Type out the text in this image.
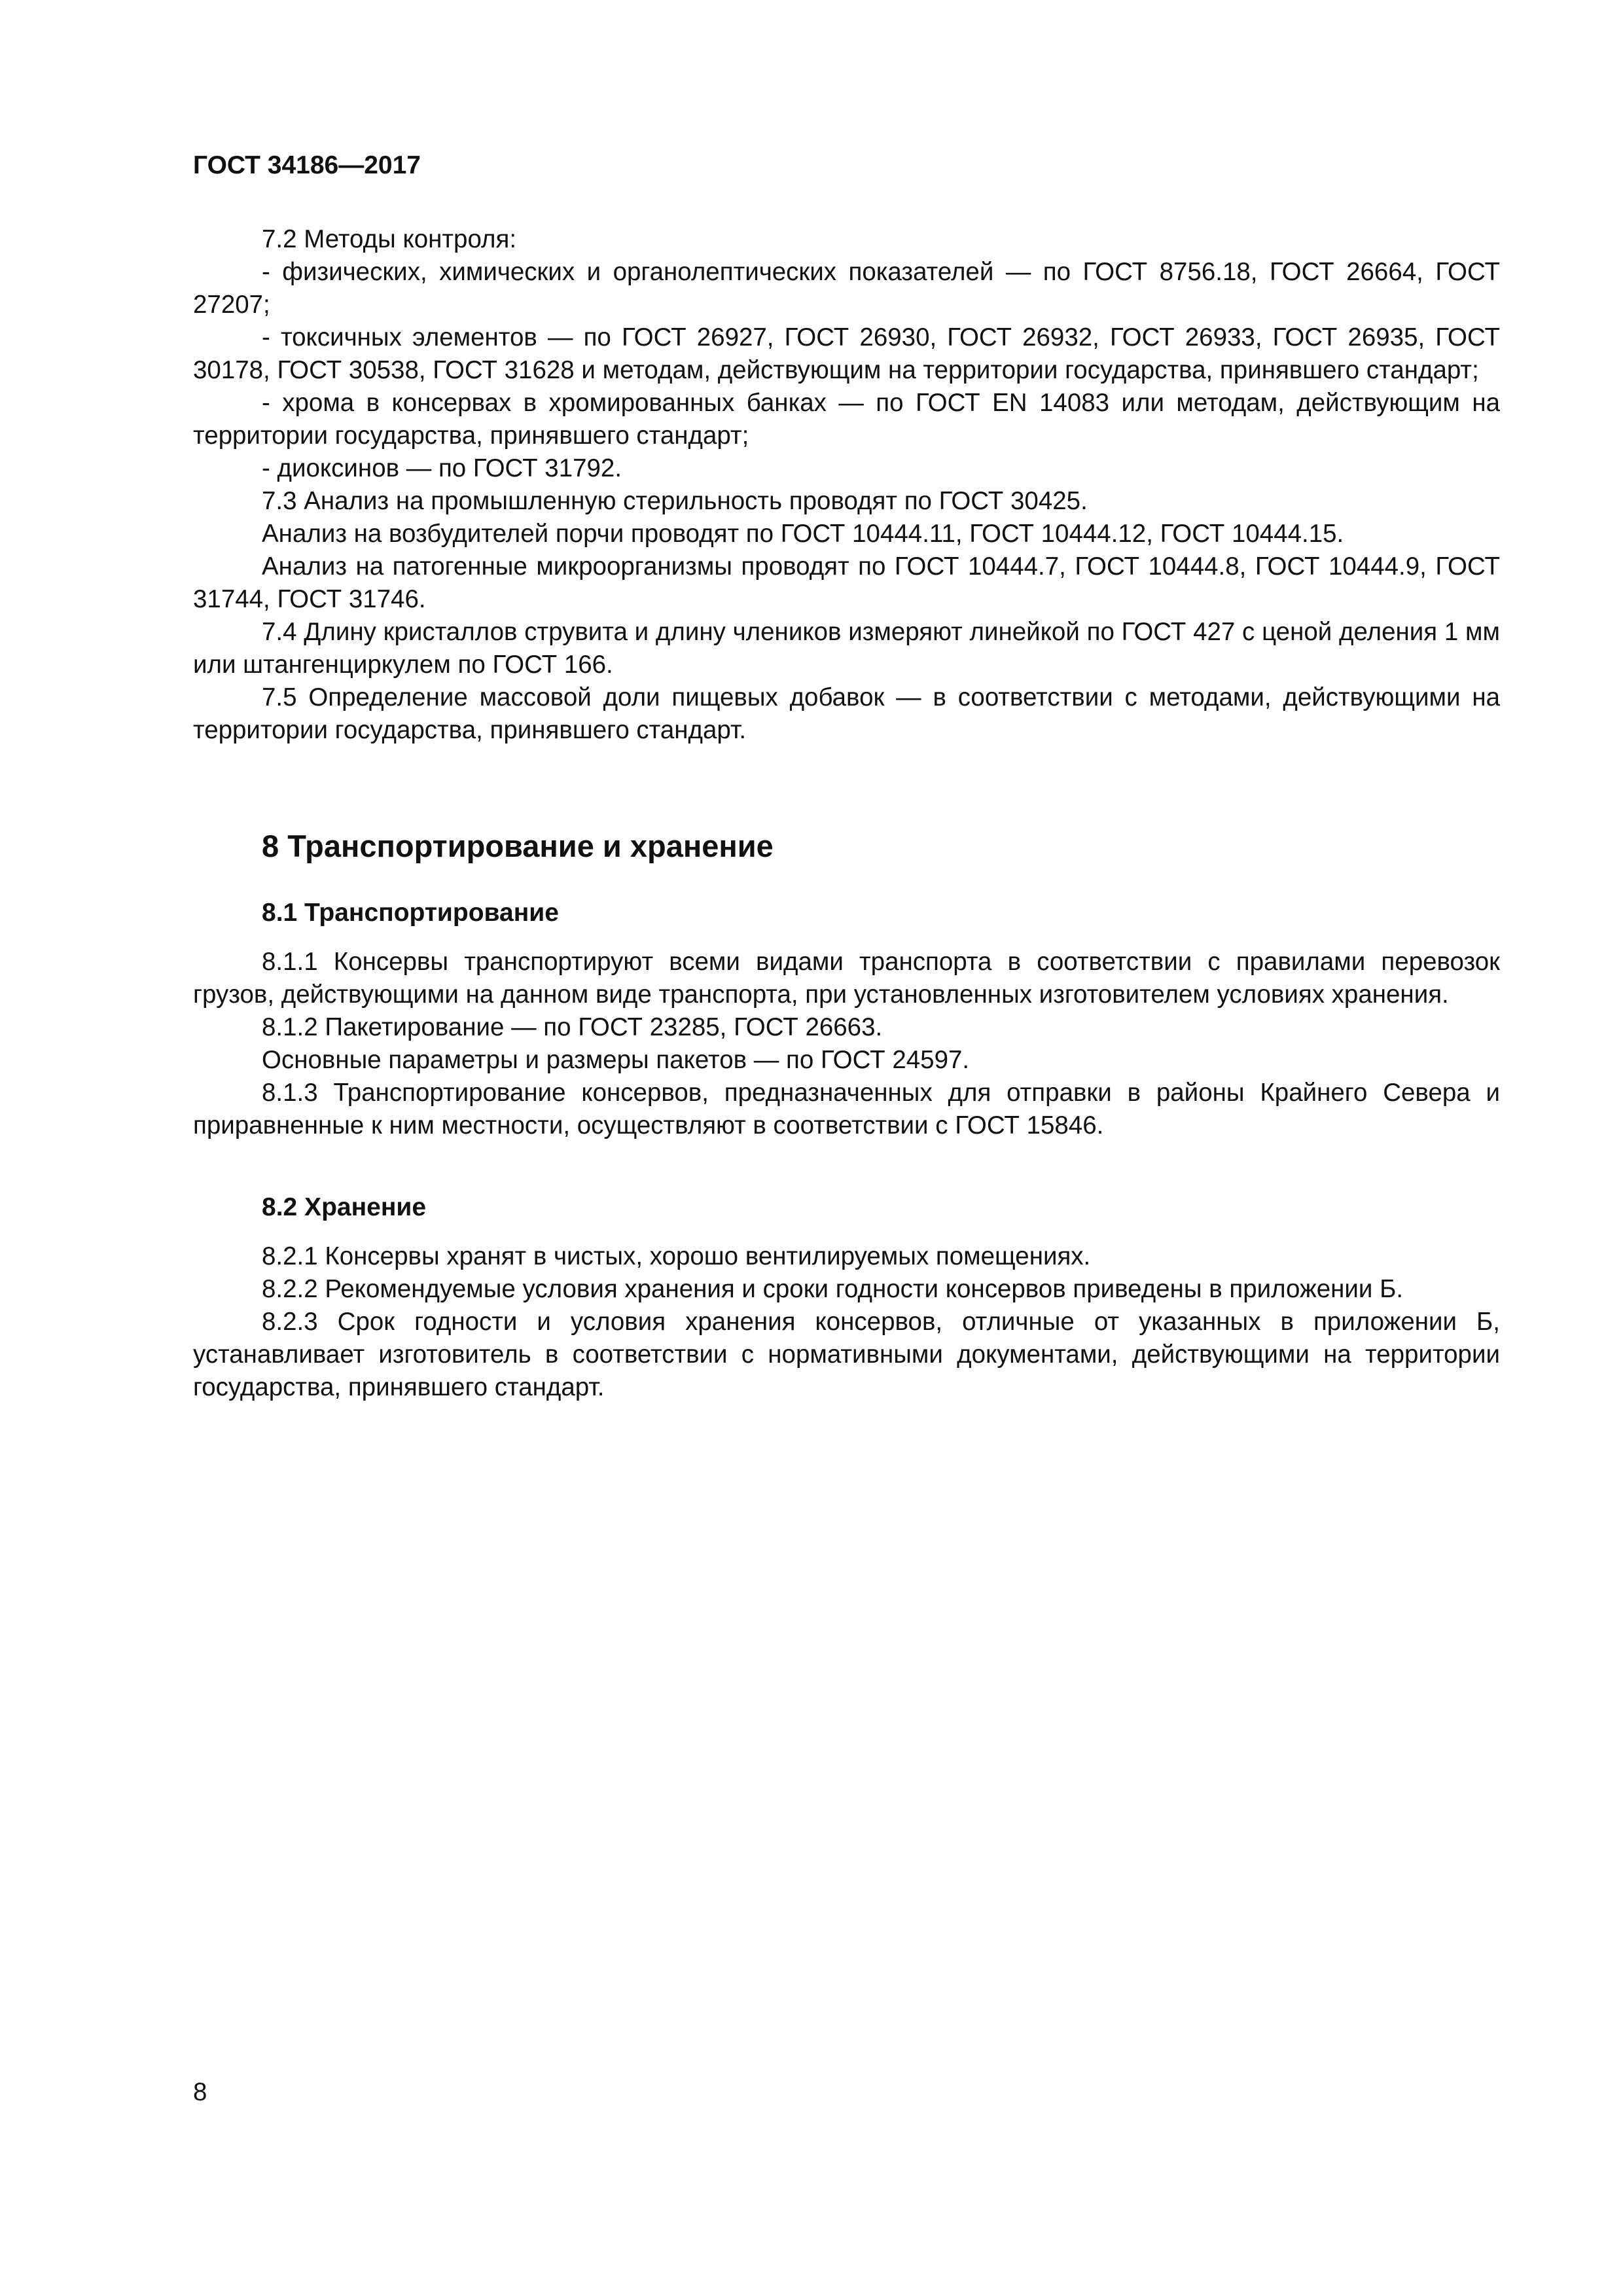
ГОСТ 34186—2017

7.2 Методы контроля:

- физических, химических и органолептических показателей — по ГОСТ 8756.18, ГОСТ 26664, ГОСТ 27207;

- токсичных элементов — по ГОСТ 26927, ГОСТ 26930, ГОСТ 26932, ГОСТ 26933, ГОСТ 26935, ГОСТ 30178, ГОСТ 30538, ГОСТ 31628 и методам, действующим на территории государства, принявшего стандарт;

- хрома в консервах в хромированных банках — по ГОСТ EN 14083 или методам, действующим на территории государства, принявшего стандарт;

- диоксинов — по ГОСТ 31792.

7.3 Анализ на промышленную стерильность проводят по ГОСТ 30425.

Анализ на возбудителей порчи проводят по ГОСТ 10444.11, ГОСТ 10444.12, ГОСТ 10444.15.

Анализ на патогенные микроорганизмы проводят по ГОСТ 10444.7, ГОСТ 10444.8, ГОСТ 10444.9, ГОСТ 31744, ГОСТ 31746.

7.4 Длину кристаллов струвита и длину члеников измеряют линейкой по ГОСТ 427 с ценой деления 1 мм или штангенциркулем по ГОСТ 166.

7.5 Определение массовой доли пищевых добавок — в соответствии с методами, действующими на территории государства, принявшего стандарт.

8 Транспортирование и хранение
8.1 Транспортирование

8.1.1 Консервы транспортируют всеми видами транспорта в соответствии с правилами перевозок грузов, действующими на данном виде транспорта, при установленных изготовителем условиях хранения.

8.1.2 Пакетирование — по ГОСТ 23285, ГОСТ 26663.

Основные параметры и размеры пакетов — по ГОСТ 24597.

8.1.3 Транспортирование консервов, предназначенных для отправки в районы Крайнего Севера и приравненные к ним местности, осуществляют в соответствии с ГОСТ 15846.

8.2 Хранение

8.2.1 Консервы хранят в чистых, хорошо вентилируемых помещениях.

8.2.2 Рекомендуемые условия хранения и сроки годности консервов приведены в приложении Б.

8.2.3 Срок годности и условия хранения консервов, отличные от указанных в приложении Б, устанавливает изготовитель в соответствии с нормативными документами, действующими на территории государства, принявшего стандарт.

8
